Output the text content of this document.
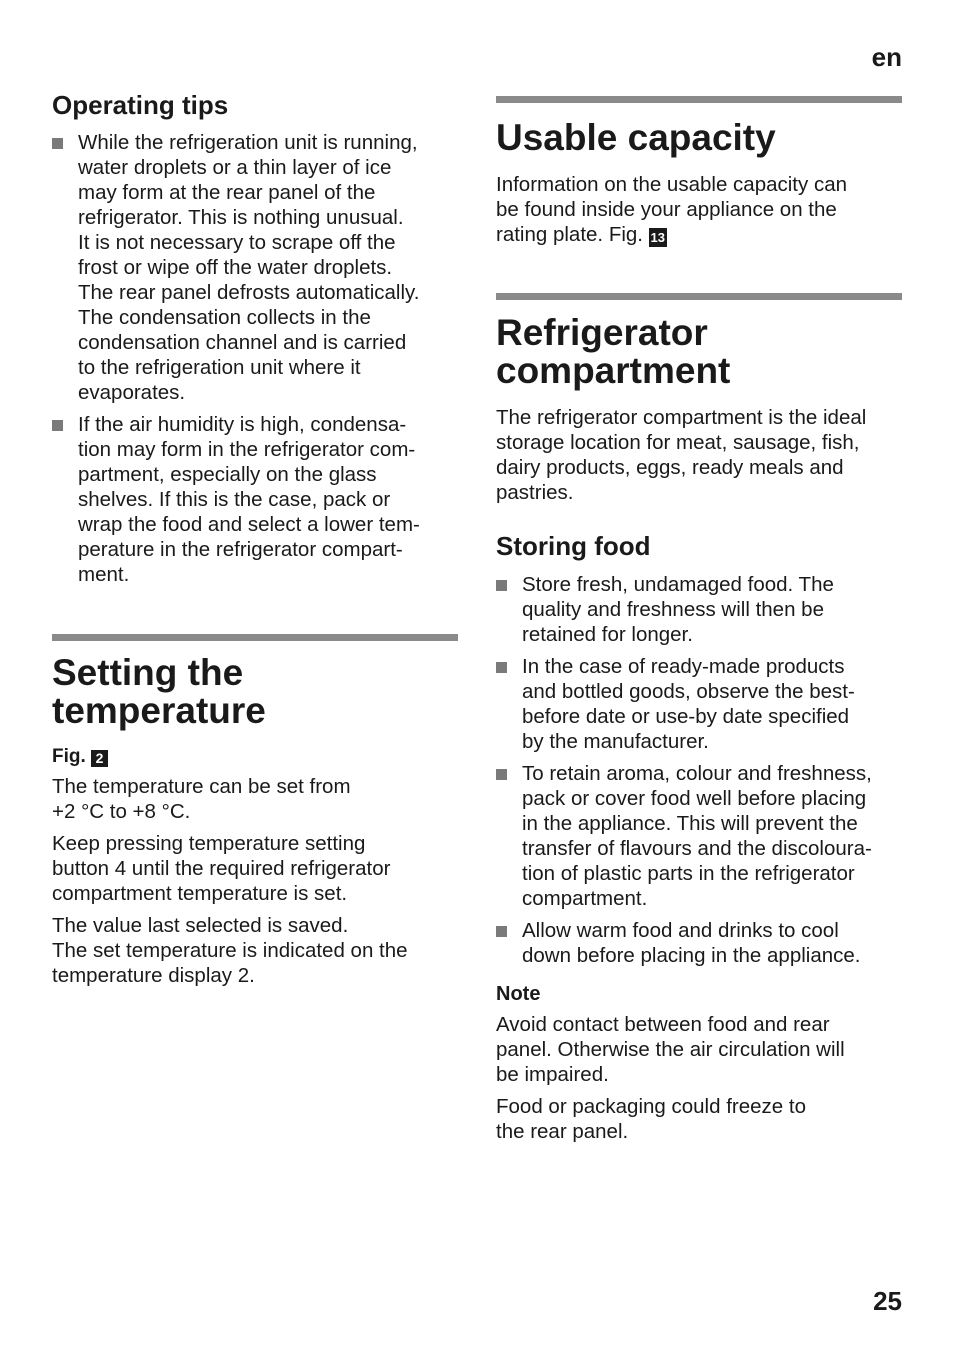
en
Operating tips
While the refrigeration unit is running,
water droplets or a thin layer of ice
may form at the rear panel of the
refrigerator. This is nothing unusual.
It is not necessary to scrape off the
frost or wipe off the water droplets.
The rear panel defrosts automatically.
The condensation collects in the
condensation channel and is carried
to the refrigeration unit where it
evaporates.
If the air humidity is high, condensa-
tion may form in the refrigerator com-
partment, especially on the glass
shelves. If this is the case, pack or
wrap the food and select a lower tem-
perature in the refrigerator compart-
ment.
Setting the
temperature
Fig. 2

The temperature can be set from
+2 °C to +8 °C.

Keep pressing temperature setting
button 4 until the required refrigerator
compartment temperature is set.

The value last selected is saved.
The set temperature is indicated on the
temperature display 2.

Usable capacity

Information on the usable capacity can
be found inside your appliance on the
rating plate. Fig. 13

Refrigerator
compartment

The refrigerator compartment is the ideal
storage location for meat, sausage, fish,
dairy products, eggs, ready meals and
pastries.

Storing food
Store fresh, undamaged food. The
quality and freshness will then be
retained for longer.
In the case of ready-made products
and bottled goods, observe the best-
before date or use-by date specified
by the manufacturer.
To retain aroma, colour and freshness,
pack or cover food well before placing
in the appliance. This will prevent the
transfer of flavours and the discoloura-
tion of plastic parts in the refrigerator
compartment.
Allow warm food and drinks to cool
down before placing in the appliance.
Note

Avoid contact between food and rear
panel. Otherwise the air circulation will
be impaired.

Food or packaging could freeze to
the rear panel.

25
